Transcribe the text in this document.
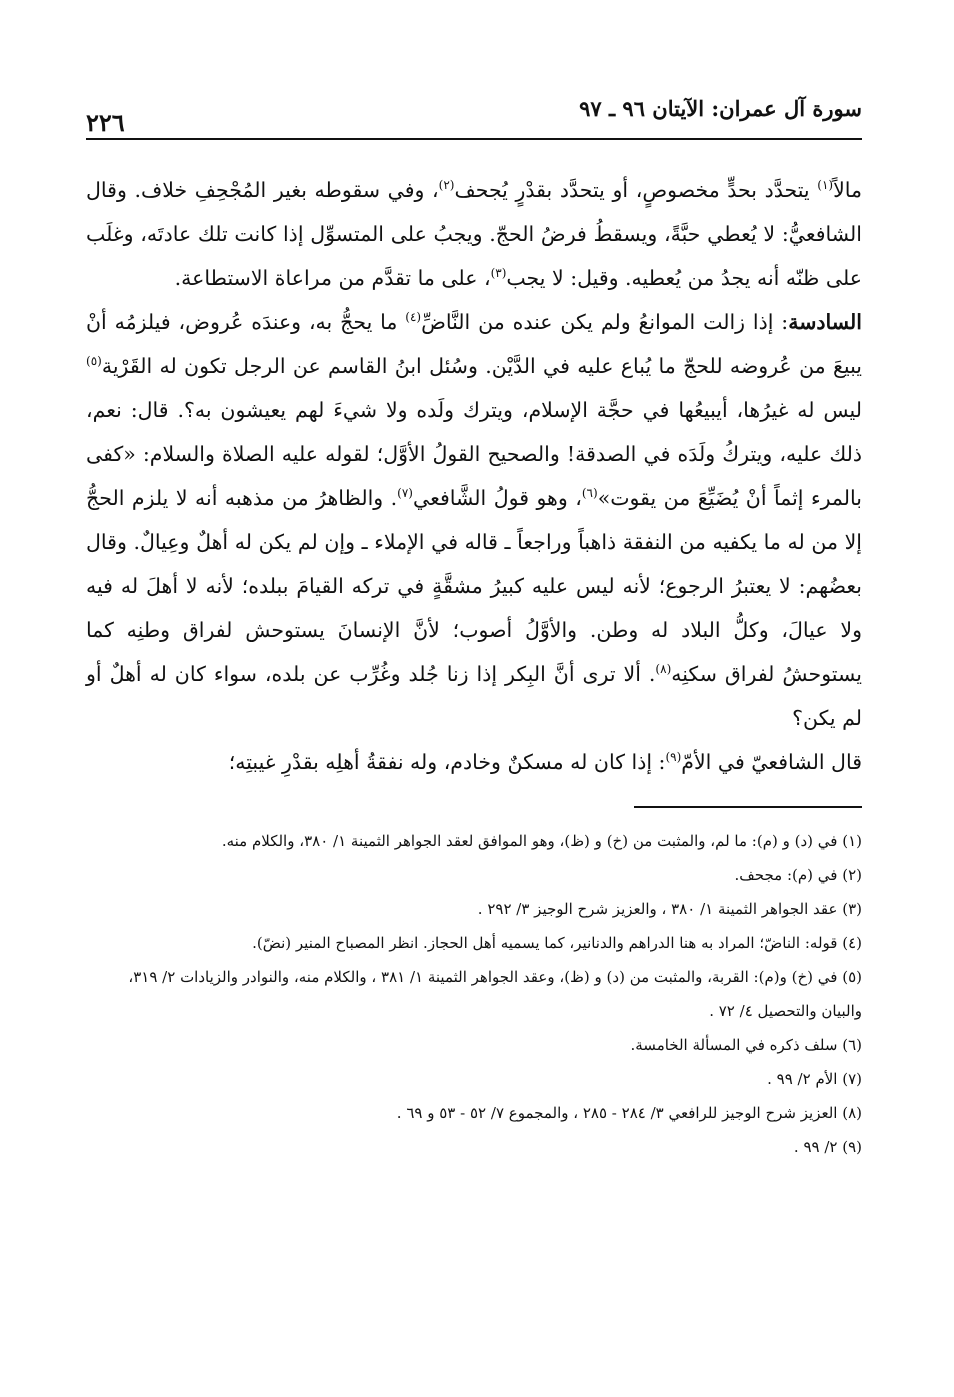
سورة آل عمران: الآيتان ٩٦ ـ ٩٧
٢٢٦

مالاً$^{(١)}$ يتحدَّد بحدٍّ مخصوصٍ، أو يتحدَّد بقدْرٍ يُجحف$^{(٢)}$، وفي سقوطه بغير المُجْحِفِ خلاف. وقال الشافعيُّ: لا يُعطي حبَّةً، ويسقطُ فرضُ الحجّ. ويجبُ على المتسوِّل إذا كانت تلك عادتَه، وغلَب على ظنّه أنه يجدُ من يُعطيه. وقيل: لا يجب$^{(٣)}$، على ما تقدَّم من مراعاة الاستطاعة.

السادسة: إذا زالت الموانعُ ولم يكن عنده من النَّاضِّ$^{(٤)}$ ما يحجُّ به، وعندَه عُروض، فيلزمُه أنْ يبيعَ من عُروضه للحجّ ما يُباع عليه في الدَّيْن. وسُئل ابنُ القاسم عن الرجل تكون له القَرْية$^{(٥)}$ ليس له غيرُها، أيبيعُها في حجَّة الإسلام، ويترك ولَده ولا شيءَ لهم يعيشون به؟. قال: نعم، ذلك عليه، ويتركُ ولَدَه في الصدقة! والصحيح القولُ الأوَّل؛ لقوله عليه الصلاة والسلام: «كفى بالمرء إثماً أنْ يُضَيِّعَ من يقوت»$^{(٦)}$، وهو قولُ الشَّافعي$^{(٧)}$. والظاهرُ من مذهبه أنه لا يلزم الحجُّ إلا من له ما يكفيه من النفقة ذاهباً وراجعاً ـ قاله في الإملاء ـ وإن لم يكن له أهلٌ وعِيالٌ. وقال بعضُهم: لا يعتبرُ الرجوع؛ لأنه ليس عليه كبيرُ مشقَّةٍ في تركه القيامَ ببلده؛ لأنه لا أهلَ له فيه ولا عيالَ، وكلُّ البلاد له وطن. والأوَّلُ أصوب؛ لأنَّ الإنسانَ يستوحش لفراق وطنِه كما يستوحشُ لفراق سكنِه$^{(٨)}$. ألا ترى أنَّ البِكر إذا زنا جُلد وغُرِّب عن بلده، سواء كان له أهلٌ أو لم يكن؟

قال الشافعيّ في الأمّ$^{(٩)}$: إذا كان له مسكنٌ وخادم، وله نفقةُ أهلِه بقدْرِ غيبتِه؛

(١) في (د) و (م): ما لم، والمثبت من (خ) و (ظ)، وهو الموافق لعقد الجواهر الثمينة ١/ ٣٨٠، والكلام منه.

(٢) في (م): مجحف.

(٣) عقد الجواهر الثمينة ١/ ٣٨٠ ، والعزيز شرح الوجيز ٣/ ٢٩٢ .

(٤) قوله: الناضّ؛ المراد به هنا الدراهم والدنانير، كما يسميه أهل الحجاز. انظر المصباح المنير (نضّ).

(٥) في (خ) و(م): القربة، والمثبت من (د) و (ظ)، وعقد الجواهر الثمينة ١/ ٣٨١ ، والكلام منه، والنوادر والزيادات ٢/ ٣١٩، والبيان والتحصيل ٤/ ٧٢ .

(٦) سلف ذكره في المسألة الخامسة.

(٧) الأم ٢/ ٩٩ .

(٨) العزيز شرح الوجيز للرافعي ٣/ ٢٨٤ - ٢٨٥ ، والمجموع ٧/ ٥٢ - ٥٣ و ٦٩ .

(٩) ٢/ ٩٩ .
